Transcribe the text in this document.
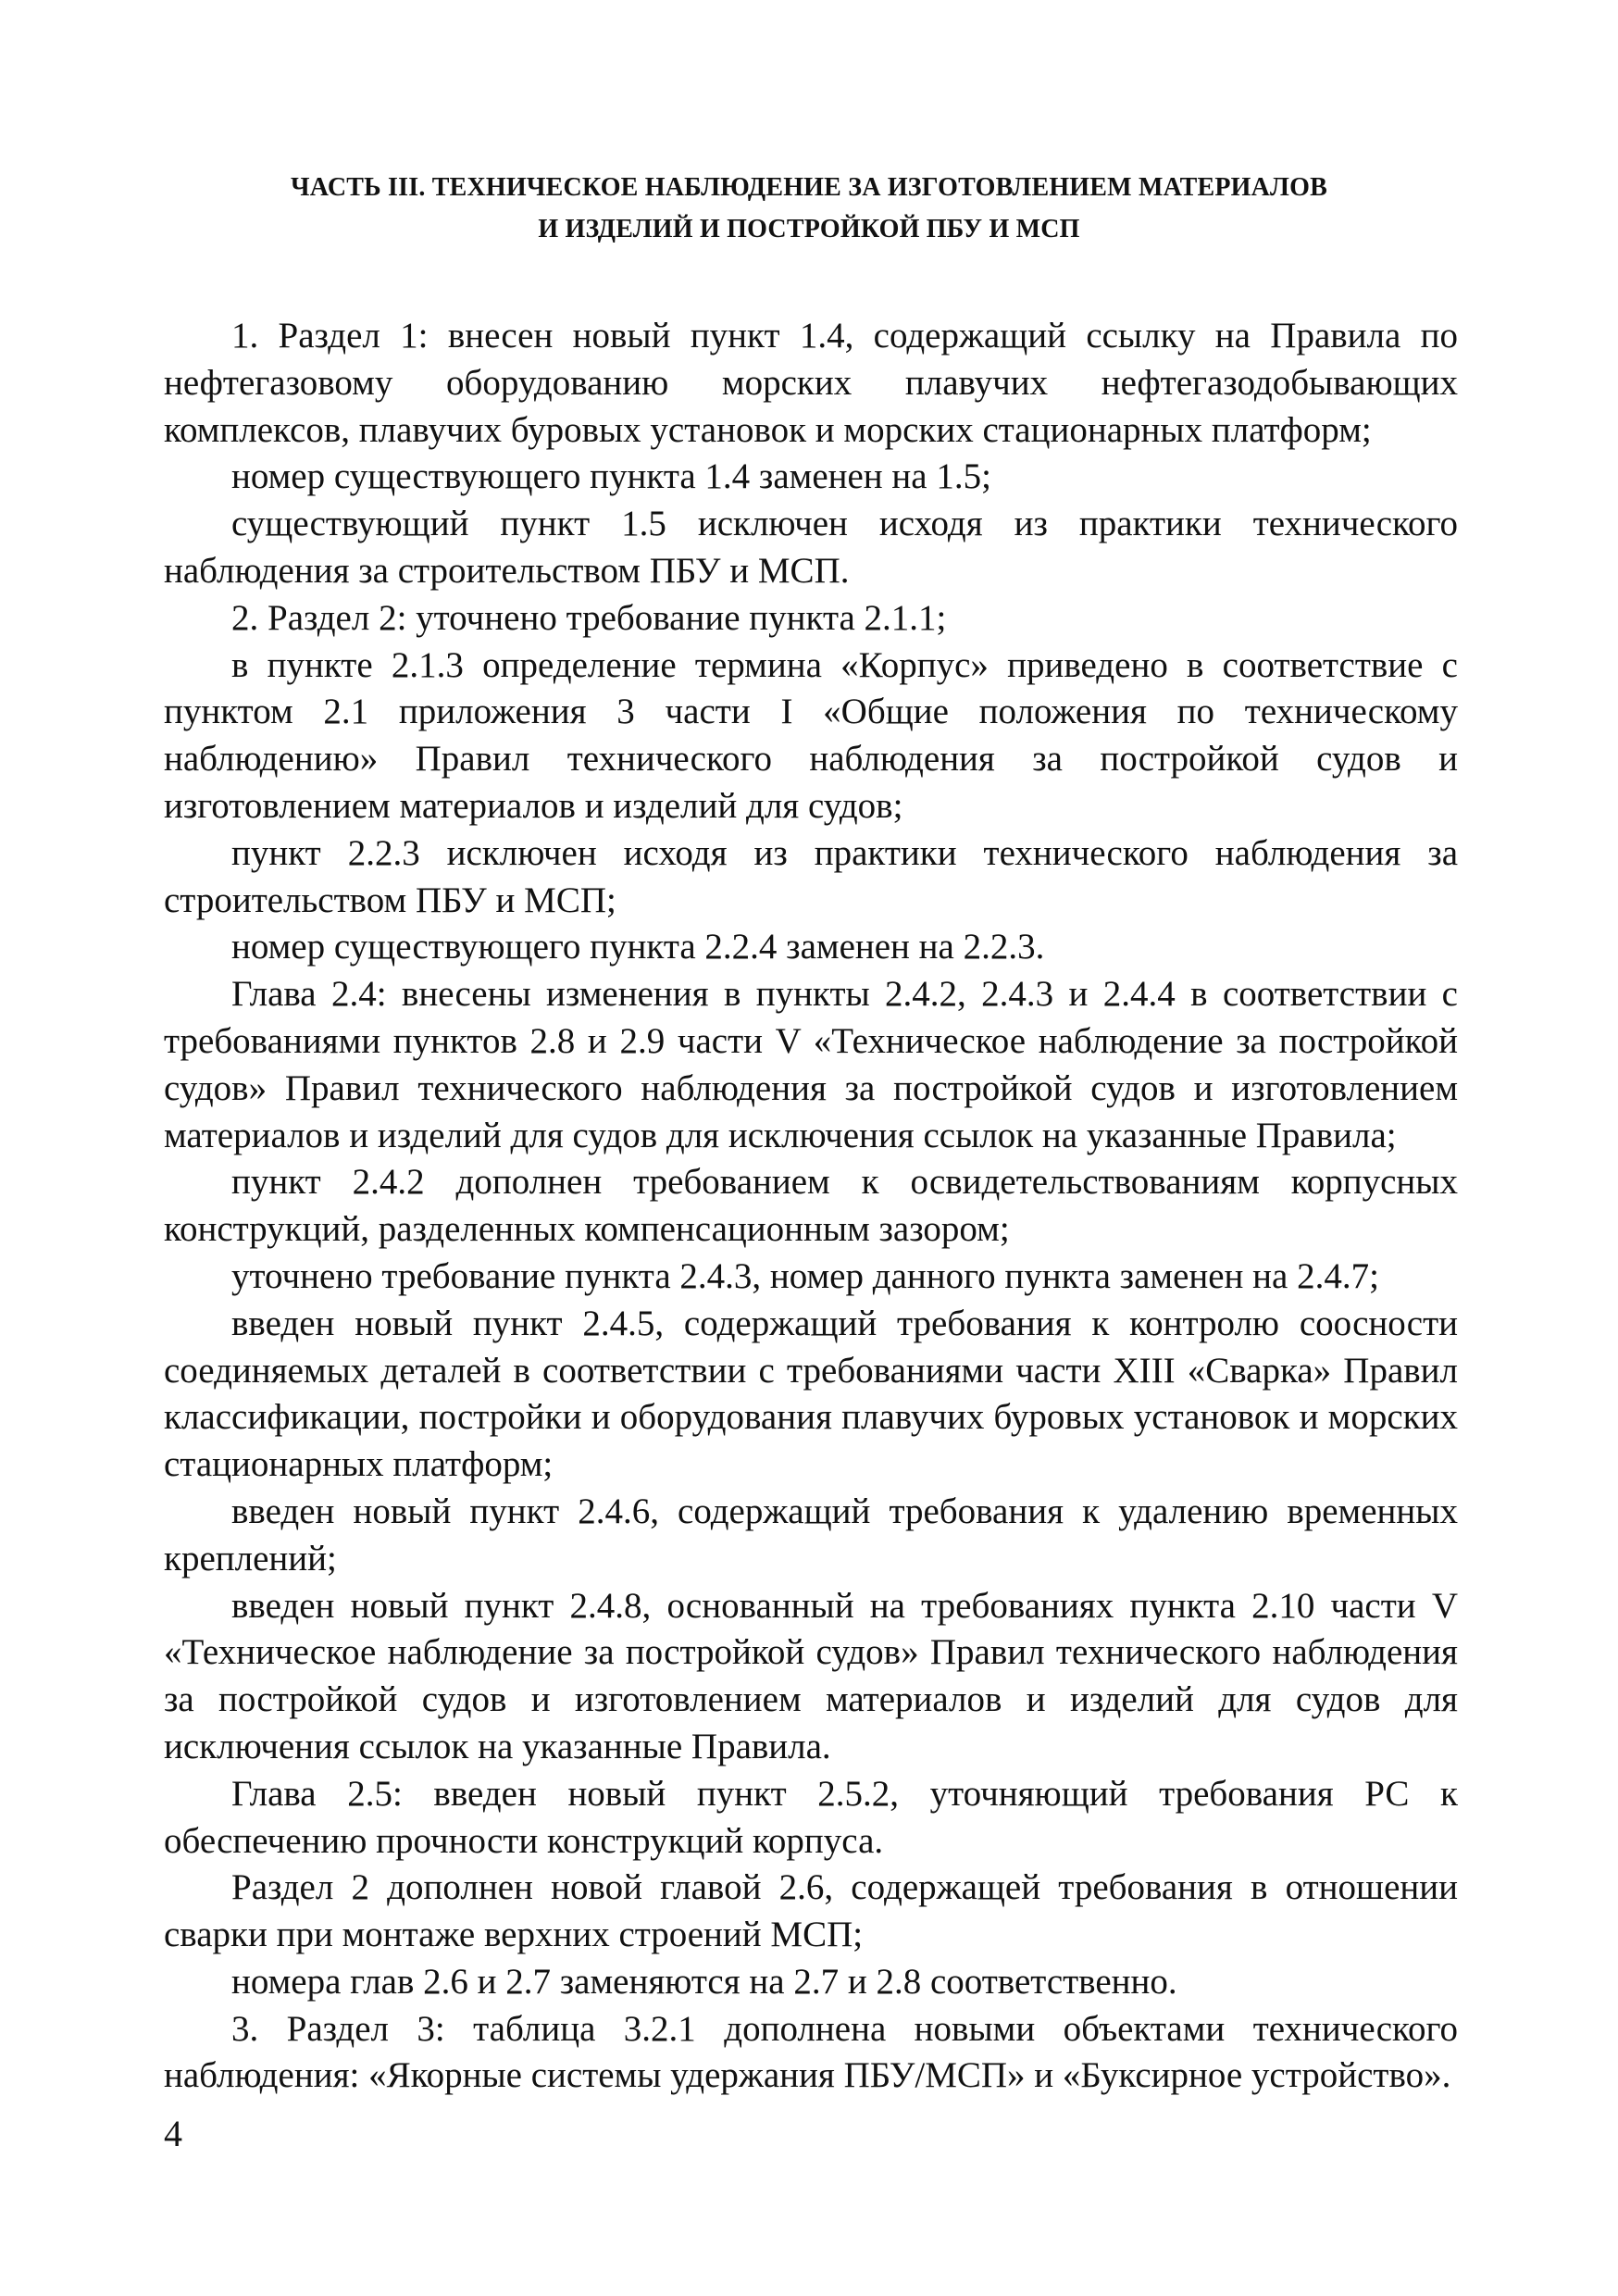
ЧАСТЬ III. ТЕХНИЧЕСКОЕ НАБЛЮДЕНИЕ ЗА ИЗГОТОВЛЕНИЕМ МАТЕРИАЛОВ
И ИЗДЕЛИЙ И ПОСТРОЙКОЙ ПБУ И МСП

1. Раздел 1: внесен новый пункт 1.4, содержащий ссылку на Правила по нефтегазовому оборудованию морских плавучих нефтегазодобывающих комплексов, плавучих буровых установок и морских стационарных платформ;

номер существующего пункта 1.4 заменен на 1.5;

существующий пункт 1.5 исключен исходя из практики технического наблюдения за строительством ПБУ и МСП.

2. Раздел 2: уточнено требование пункта 2.1.1;

в пункте 2.1.3 определение термина «Корпус» приведено в соответствие с пунктом 2.1 приложения 3 части I «Общие положения по техническому наблюдению» Правил технического наблюдения за постройкой судов и изготовлением материалов и изделий для судов;

пункт 2.2.3 исключен исходя из практики технического наблюдения за строительством ПБУ и МСП;

номер существующего пункта 2.2.4 заменен на 2.2.3.

Глава 2.4: внесены изменения в пункты 2.4.2, 2.4.3 и 2.4.4 в соответствии с требованиями пунктов 2.8 и 2.9 части V «Техническое наблюдение за постройкой судов» Правил технического наблюдения за постройкой судов и изготовлением материалов и изделий для судов для исключения ссылок на указанные Правила;

пункт 2.4.2 дополнен требованием к освидетельствованиям корпусных конструкций, разделенных компенсационным зазором;

уточнено требование пункта 2.4.3, номер данного пункта заменен на 2.4.7;

введен новый пункт 2.4.5, содержащий требования к контролю соосности соединяемых деталей в соответствии с требованиями части XIII «Сварка» Правил классификации, постройки и оборудования плавучих буровых установок и морских стационарных платформ;

введен новый пункт 2.4.6, содержащий требования к удалению временных креплений;

введен новый пункт 2.4.8, основанный на требованиях пункта 2.10 части V «Техническое наблюдение за постройкой судов» Правил технического наблюдения за постройкой судов и изготовлением материалов и изделий для судов для исключения ссылок на указанные Правила.

Глава 2.5: введен новый пункт 2.5.2, уточняющий требования РС к обеспечению прочности конструкций корпуса.

Раздел 2 дополнен новой главой 2.6, содержащей требования в отношении сварки при монтаже верхних строений МСП;

номера глав 2.6 и 2.7 заменяются на 2.7 и 2.8 соответственно.

3. Раздел 3: таблица 3.2.1 дополнена новыми объектами технического наблюдения: «Якорные системы удержания ПБУ/МСП» и «Буксирное устройство».

4
